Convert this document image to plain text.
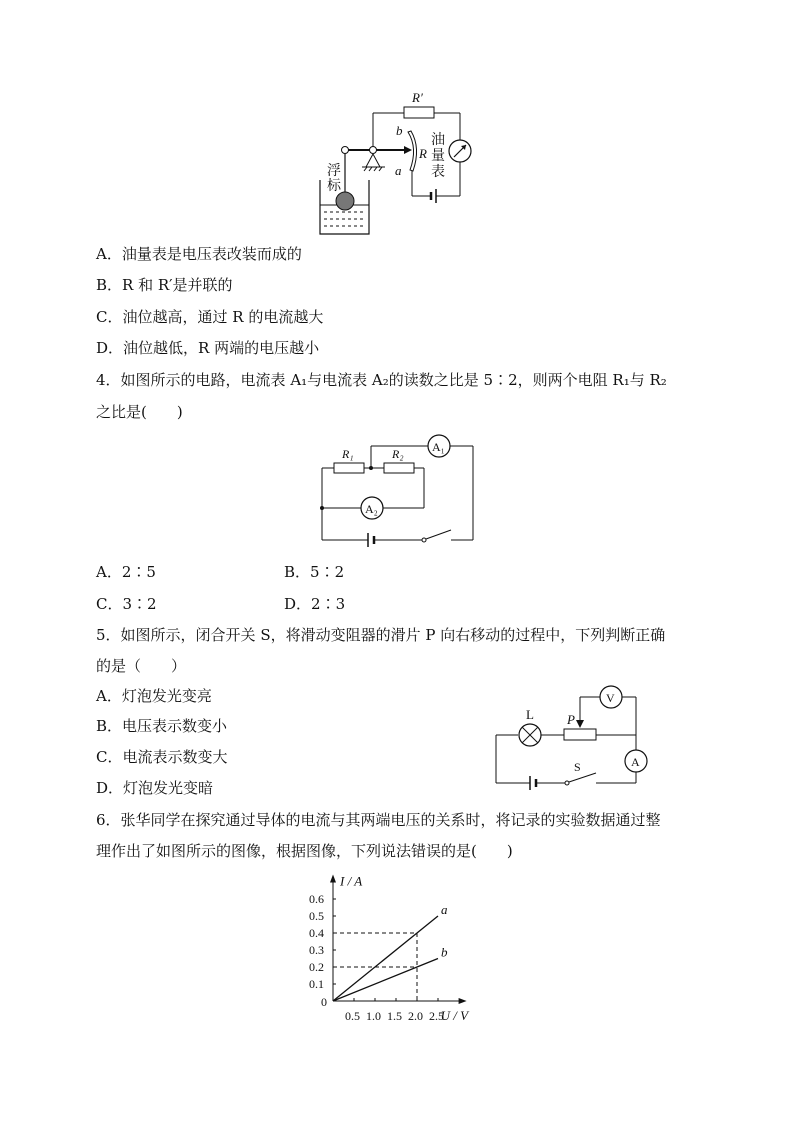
R′
R
b
a
浮
标
油
量
表
A．油量表是电压表改装而成的
B．R 和 R′是并联的
C．油位越高，通过 R 的电流越大
D．油位越低，R 两端的电压越小
4．如图所示的电路，电流表 A₁与电流表 A₂的读数之比是 5∶2，则两个电阻 R₁与 R₂
之比是(　　)
A₁
R₁	R₂
A₂
A．2∶5	B．5∶2
C．3∶2	D．2∶3
5．如图所示，闭合开关 S，将滑动变阻器的滑片 P 向右移动的过程中，下列判断正确
的是（　　）
A．灯泡发光变亮
B．电压表示数变小
C．电流表示数变大
D．灯泡发光变暗
V
P
L
A
S
6．张华同学在探究通过导体的电流与其两端电压的关系时，将记录的实验数据通过整
理作出了如图所示的图像，根据图像，下列说法错误的是(　　)
I / A
U / V
0
0.5 1.0 1.5 2.0 2.5
0.1
0.2
0.3
0.4
0.5
0.6
a
b
